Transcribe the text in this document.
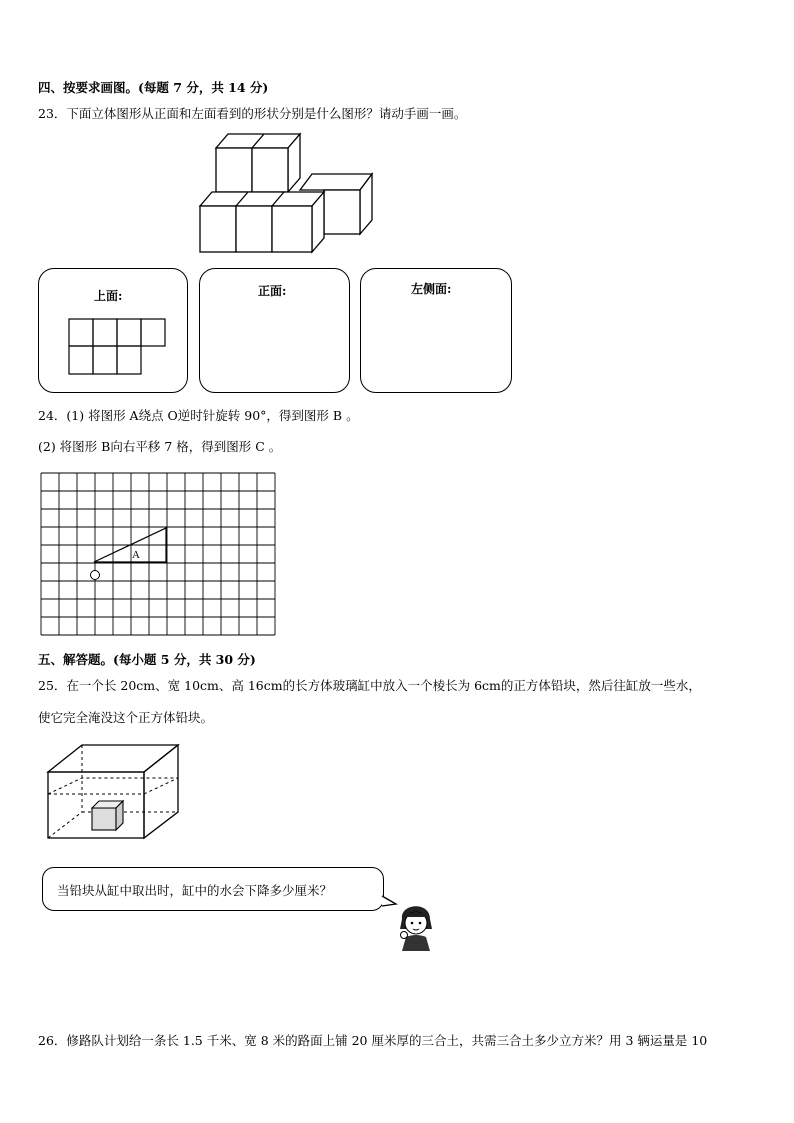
四、按要求画图。(每题 7 分，共 14 分)
23．下面立体图形从正面和左面看到的形状分别是什么图形？请动手画一画。
上面:	正面:	左侧面:
24．(1) 将图形 A绕点 O逆时针旋转 90°，得到图形 B 。
(2) 将图形 B向右平移 7 格，得到图形 C 。
A
五、解答题。(每小题 5 分，共 30 分)
25．在一个长 20cm、宽 10cm、高 16cm的长方体玻璃缸中放入一个棱长为 6cm的正方体铅块，然后往缸放一些水，
使它完全淹没这个正方体铅块。
当铅块从缸中取出时，缸中的水会下降多少厘米？
26．修路队计划给一条长 1.5 千米、宽 8 米的路面上铺 20 厘米厚的三合土，共需三合土多少立方米？用 3 辆运量是 10
